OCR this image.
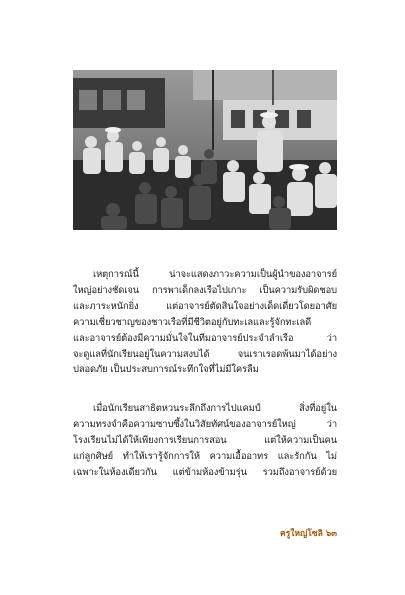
เหตุการณ์นี้ น่าจะแสดงภาวะความเป็นผู้นำของอาจารย์
ใหญ่อย่างชัดเจน การพาเด็กลงเรือไปเกาะ เป็นความรับผิดชอบ
และภาระหนักยิ่ง แต่อาจารย์ตัดสินใจอย่างเด็ดเดี่ยวโดยอาศัย
ความเชี่ยวชาญของชาวเรือที่มีชีวิตอยู่กับทะเลและรู้จักทะเลดี
และอาจารย์ต้องมีความมั่นใจในทีมอาจารย์ประจำลำเรือ ว่า
จะดูแลที่นักเรียนอยู่ในความสงบได้ จนเราเรอดพ้นมาได้อย่าง
ปลอดภัย เป็นประสบการณ์ระทึกใจที่ไม่มีใครลืม
เมื่อนักเรียนสาธิตหวนระลึกถึงการไปแคมป์ สิ่งที่อยู่ใน
ความทรงจำคือความซาบซึ้งในวิสัยทัศน์ของอาจารย์ใหญ่ ว่า
โรงเรียนไม่ได้ให้เพียงการเรียนการสอน แต่ให้ความเป็นคน
แก่ลูกศิษย์ ทำให้เรารู้จักการให้ ความเอื้ออาทร และรักกัน ไม่
เฉพาะในห้องเดียวกัน แต่ข้ามห้องข้ามรุ่น รวมถึงอาจารย์ด้วย
ครูใหญ่โซลิ ๖๓
